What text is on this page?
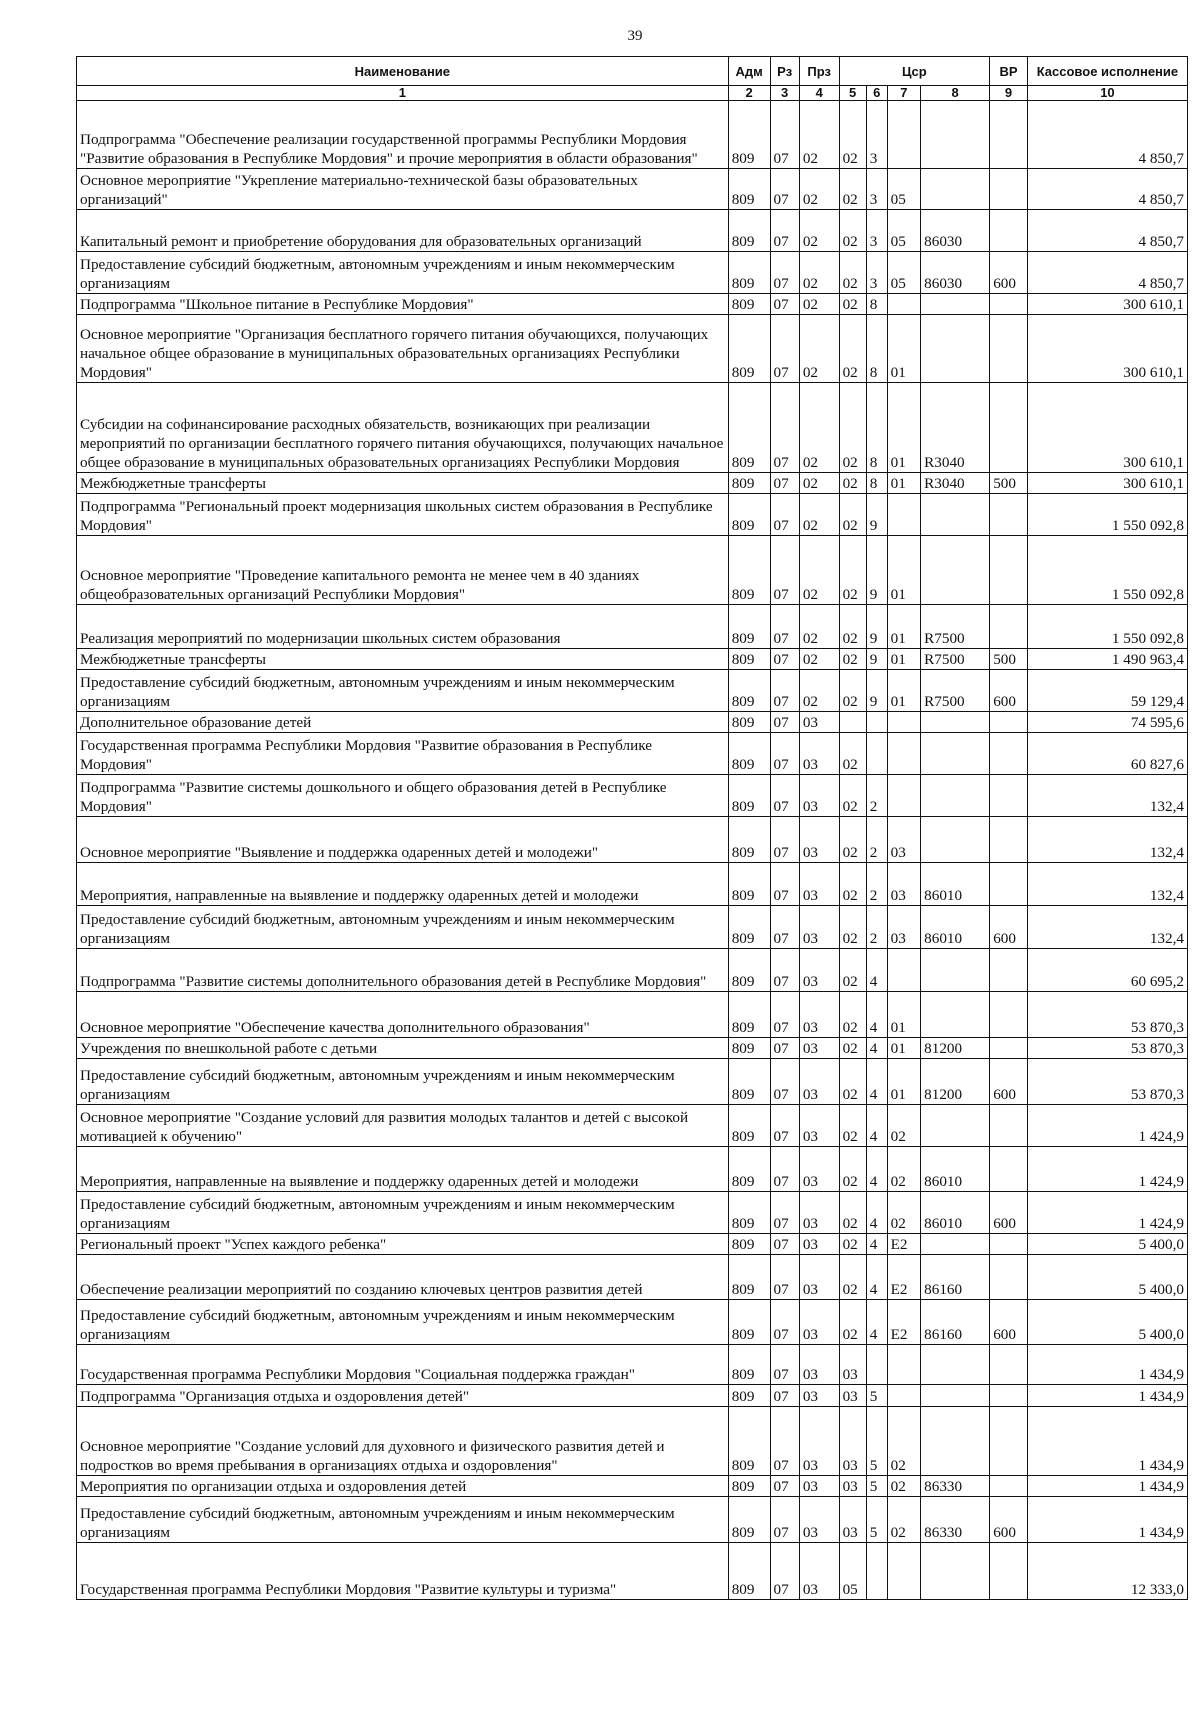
39
Наименование	Адм	Рз	Прз	Цср				ВР	Кассовое исполнение
1	2	3	4	5	6	7	8	9	10
Подпрограмма "Обеспечение реализации государственной программы Республики Мордовия "Развитие образования в Республике Мордовия" и прочие мероприятия в области образования"	809	07	02	02	3				4 850,7
Основное мероприятие "Укрепление материально-технической базы образовательных организаций"	809	07	02	02	3	05			4 850,7
Капитальный ремонт и приобретение оборудования для образовательных организаций	809	07	02	02	3	05	86030		4 850,7
Предоставление субсидий бюджетным, автономным учреждениям и иным некоммерческим организациям	809	07	02	02	3	05	86030	600	4 850,7
Подпрограмма "Школьное питание в Республике Мордовия"	809	07	02	02	8				300 610,1
Основное мероприятие "Организация бесплатного горячего питания обучающихся, получающих начальное общее образование в муниципальных образовательных организациях Республики Мордовия"	809	07	02	02	8	01			300 610,1
Субсидии на софинансирование расходных обязательств, возникающих при реализации мероприятий по организации бесплатного горячего питания обучающихся, получающих начальное общее образование в муниципальных образовательных организациях Республики Мордовия	809	07	02	02	8	01	R3040		300 610,1
Межбюджетные трансферты	809	07	02	02	8	01	R3040	500	300 610,1
Подпрограмма "Региональный проект модернизация школьных систем образования в Республике Мордовия"	809	07	02	02	9				1 550 092,8
Основное мероприятие "Проведение капитального ремонта не менее чем в 40 зданиях общеобразовательных организаций Республики Мордовия"	809	07	02	02	9	01			1 550 092,8
Реализация мероприятий по модернизации школьных систем образования	809	07	02	02	9	01	R7500		1 550 092,8
Межбюджетные трансферты	809	07	02	02	9	01	R7500	500	1 490 963,4
Предоставление субсидий бюджетным, автономным учреждениям и иным некоммерческим организациям	809	07	02	02	9	01	R7500	600	59 129,4
Дополнительное образование детей	809	07	03						74 595,6
Государственная программа Республики Мордовия "Развитие образования в Республике Мордовия"	809	07	03	02					60 827,6
Подпрограмма "Развитие системы дошкольного и общего образования детей в Республике Мордовия"	809	07	03	02	2				132,4
Основное мероприятие "Выявление и поддержка одаренных детей и молодежи"	809	07	03	02	2	03			132,4
Мероприятия, направленные на выявление и поддержку одаренных детей и молодежи	809	07	03	02	2	03	86010		132,4
Предоставление субсидий бюджетным, автономным учреждениям и иным некоммерческим организациям	809	07	03	02	2	03	86010	600	132,4
Подпрограмма "Развитие системы дополнительного образования детей в Республике Мордовия"	809	07	03	02	4				60 695,2
Основное мероприятие "Обеспечение качества дополнительного образования"	809	07	03	02	4	01			53 870,3
Учреждения по внешкольной работе с детьми	809	07	03	02	4	01	81200		53 870,3
Предоставление субсидий бюджетным, автономным учреждениям и иным некоммерческим организациям	809	07	03	02	4	01	81200	600	53 870,3
Основное мероприятие "Создание условий для развития молодых талантов и детей с высокой мотивацией к обучению"	809	07	03	02	4	02			1 424,9
Мероприятия, направленные на выявление и поддержку одаренных детей и молодежи	809	07	03	02	4	02	86010		1 424,9
Предоставление субсидий бюджетным, автономным учреждениям и иным некоммерческим организациям	809	07	03	02	4	02	86010	600	1 424,9
Региональный проект "Успех каждого ребенка"	809	07	03	02	4	E2			5 400,0
Обеспечение реализации мероприятий по созданию ключевых центров развития детей	809	07	03	02	4	E2	86160		5 400,0
Предоставление субсидий бюджетным, автономным учреждениям и иным некоммерческим организациям	809	07	03	02	4	E2	86160	600	5 400,0
Государственная программа Республики Мордовия "Социальная поддержка граждан"	809	07	03	03					1 434,9
Подпрограмма "Организация отдыха и оздоровления детей"	809	07	03	03	5				1 434,9
Основное мероприятие "Создание условий для духовного и физического развития детей и подростков во время пребывания в организациях отдыха и оздоровления"	809	07	03	03	5	02			1 434,9
Мероприятия по организации отдыха и оздоровления детей	809	07	03	03	5	02	86330		1 434,9
Предоставление субсидий бюджетным, автономным учреждениям и иным некоммерческим организациям	809	07	03	03	5	02	86330	600	1 434,9
Государственная программа Республики Мордовия "Развитие культуры и туризма"	809	07	03	05					12 333,0
